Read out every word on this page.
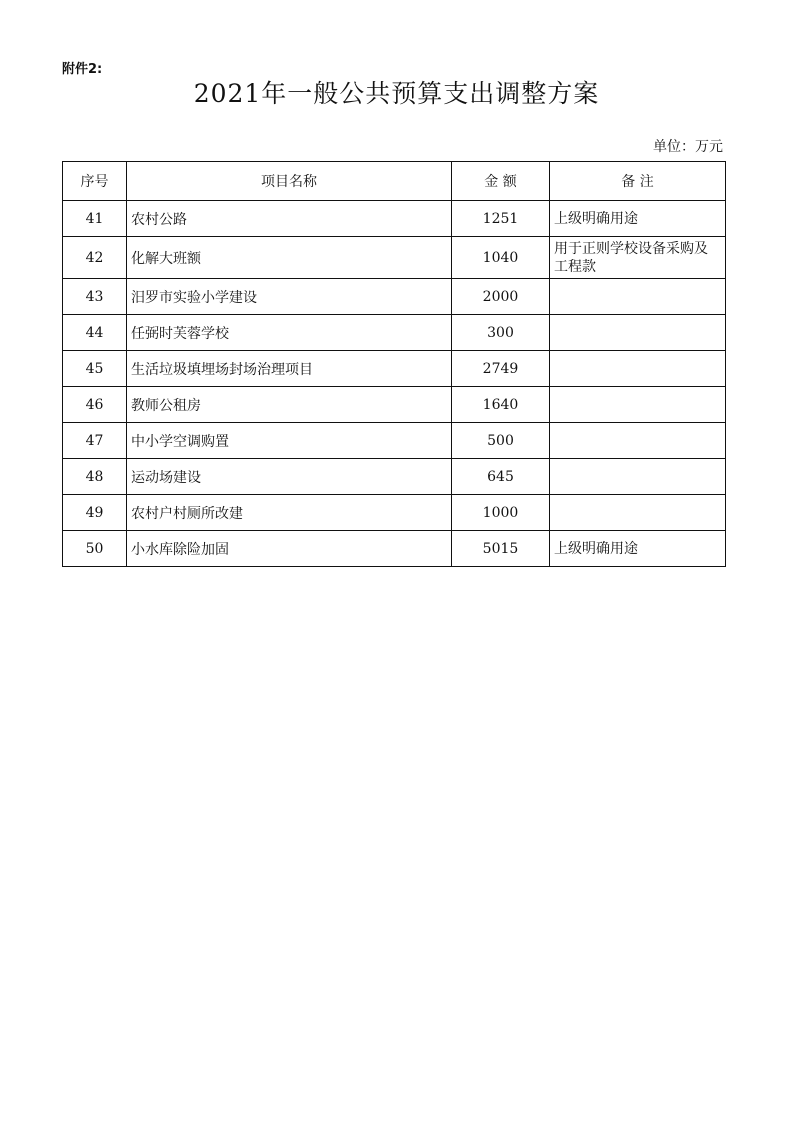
附件2:
2021年一般公共预算支出调整方案
单位：万元
序号	项目名称	金 额	备 注
41	农村公路	1251	上级明确用途
42	化解大班额	1040	用于正则学校设备采购及工程款
43	汨罗市实验小学建设	2000	
44	任弼时芙蓉学校	300	
45	生活垃圾填埋场封场治理项目	2749	
46	教师公租房	1640	
47	中小学空调购置	500	
48	运动场建设	645	
49	农村户村厕所改建	1000	
50	小水库除险加固	5015	上级明确用途
